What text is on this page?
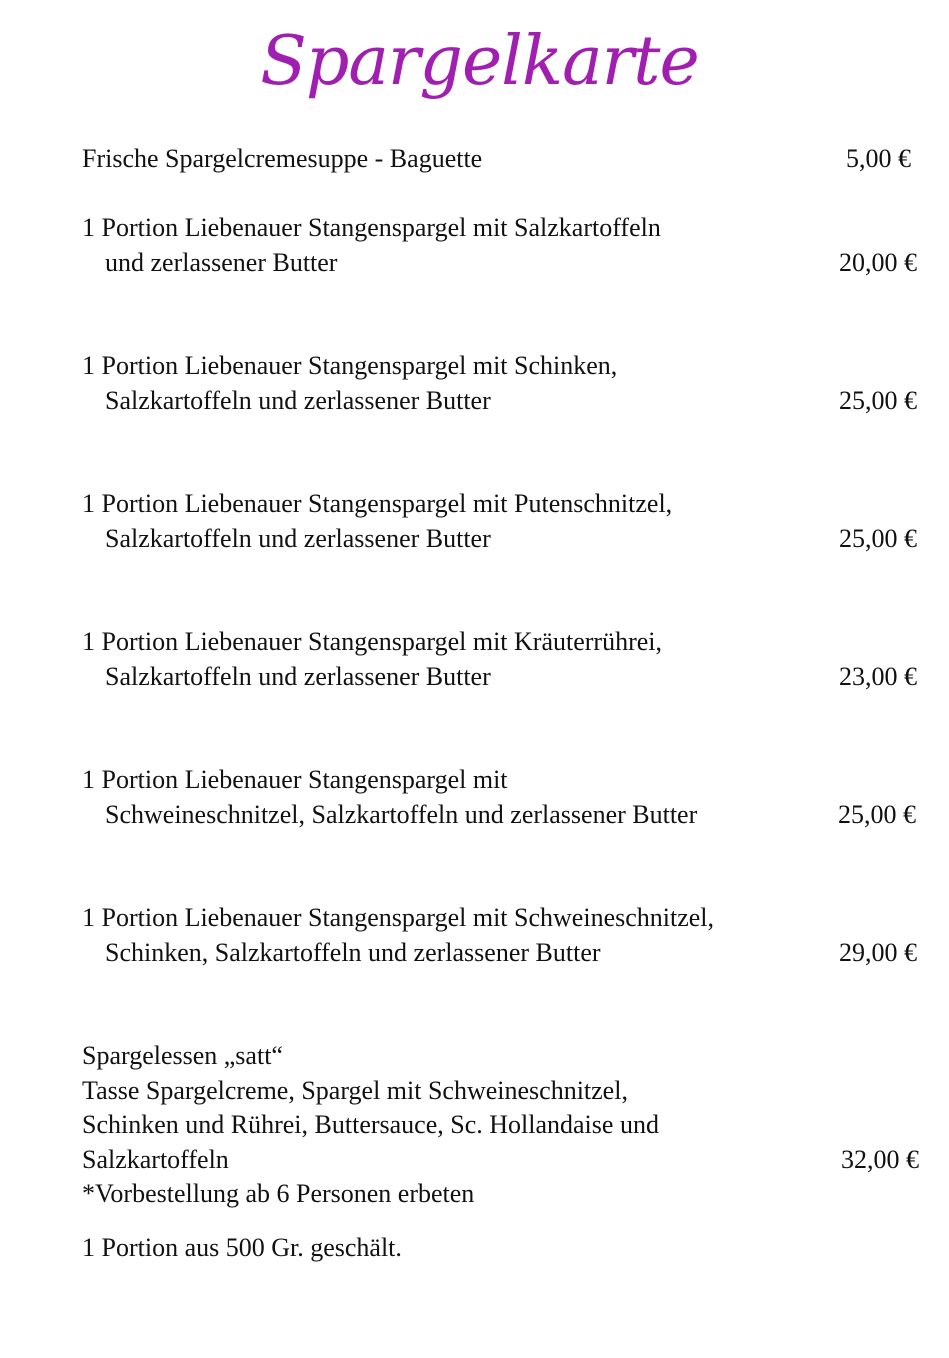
Spargelkarte
Frische Spargelcremesuppe - Baguette	5,00 €
1 Portion Liebenauer Stangenspargel mit Salzkartoffeln
und zerlassener Butter	20,00 €
1 Portion Liebenauer Stangenspargel mit Schinken,
Salzkartoffeln und zerlassener Butter	25,00 €
1 Portion Liebenauer Stangenspargel mit Putenschnitzel,
Salzkartoffeln und zerlassener Butter	25,00 €
1 Portion Liebenauer Stangenspargel mit Kräuterrührei,
Salzkartoffeln und zerlassener Butter	23,00 €
1 Portion Liebenauer Stangenspargel mit
Schweineschnitzel, Salzkartoffeln und zerlassener Butter	25,00 €
1 Portion Liebenauer Stangenspargel mit Schweineschnitzel,
Schinken, Salzkartoffeln und zerlassener Butter	29,00 €
Spargelessen „satt“
Tasse Spargelcreme, Spargel mit Schweineschnitzel,
Schinken und Rührei, Buttersauce, Sc. Hollandaise und
Salzkartoffeln	32,00 €
*Vorbestellung ab 6 Personen erbeten
1 Portion aus 500 Gr. geschält.
